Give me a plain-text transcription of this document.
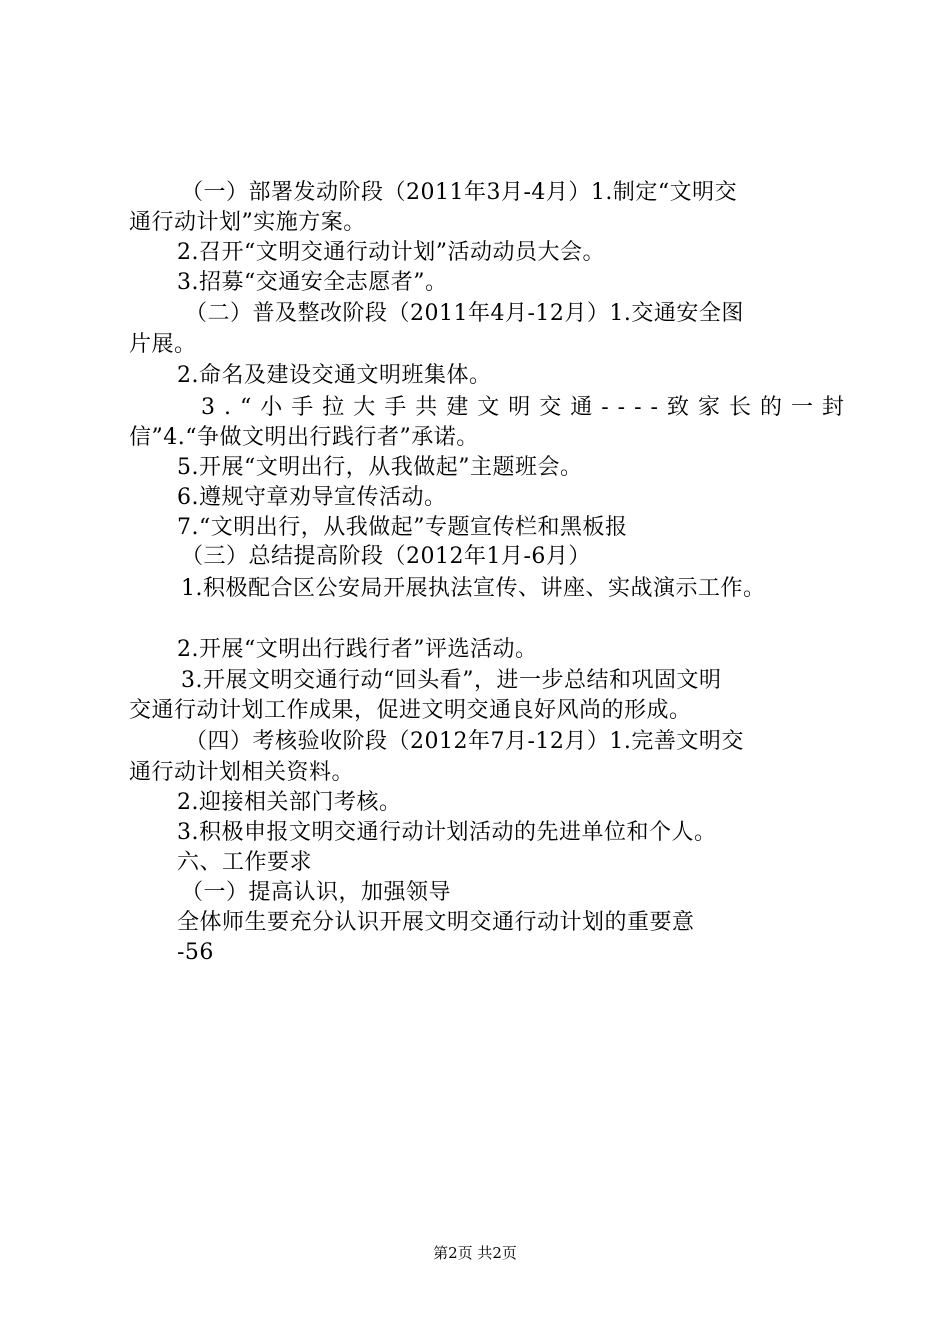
（一）部署发动阶段（2011年3月-4月）1.制定“文明交
通行动计划”实施方案。
2.召开“文明交通行动计划”活动动员大会。
3.招募“交通安全志愿者”。
（二）普及整改阶段（2011年4月-12月）1.交通安全图
片展。
2.命名及建设交通文明班集体。
3.“小手拉大手共建文明交通----致家长的一封
信”4.“争做文明出行践行者”承诺。
5.开展“文明出行，从我做起”主题班会。
6.遵规守章劝导宣传活动。
7.“文明出行，从我做起”专题宣传栏和黑板报
（三）总结提高阶段（2012年1月-6月）
1.积极配合区公安局开展执法宣传、讲座、实战演示工作。
2.开展“文明出行践行者”评选活动。
3.开展文明交通行动“回头看”，进一步总结和巩固文明
交通行动计划工作成果，促进文明交通良好风尚的形成。
（四）考核验收阶段（2012年7月-12月）1.完善文明交
通行动计划相关资料。
2.迎接相关部门考核。
3.积极申报文明交通行动计划活动的先进单位和个人。
六、工作要求
（一）提高认识，加强领导
全体师生要充分认识开展文明交通行动计划的重要意
-56
第2页 共2页
